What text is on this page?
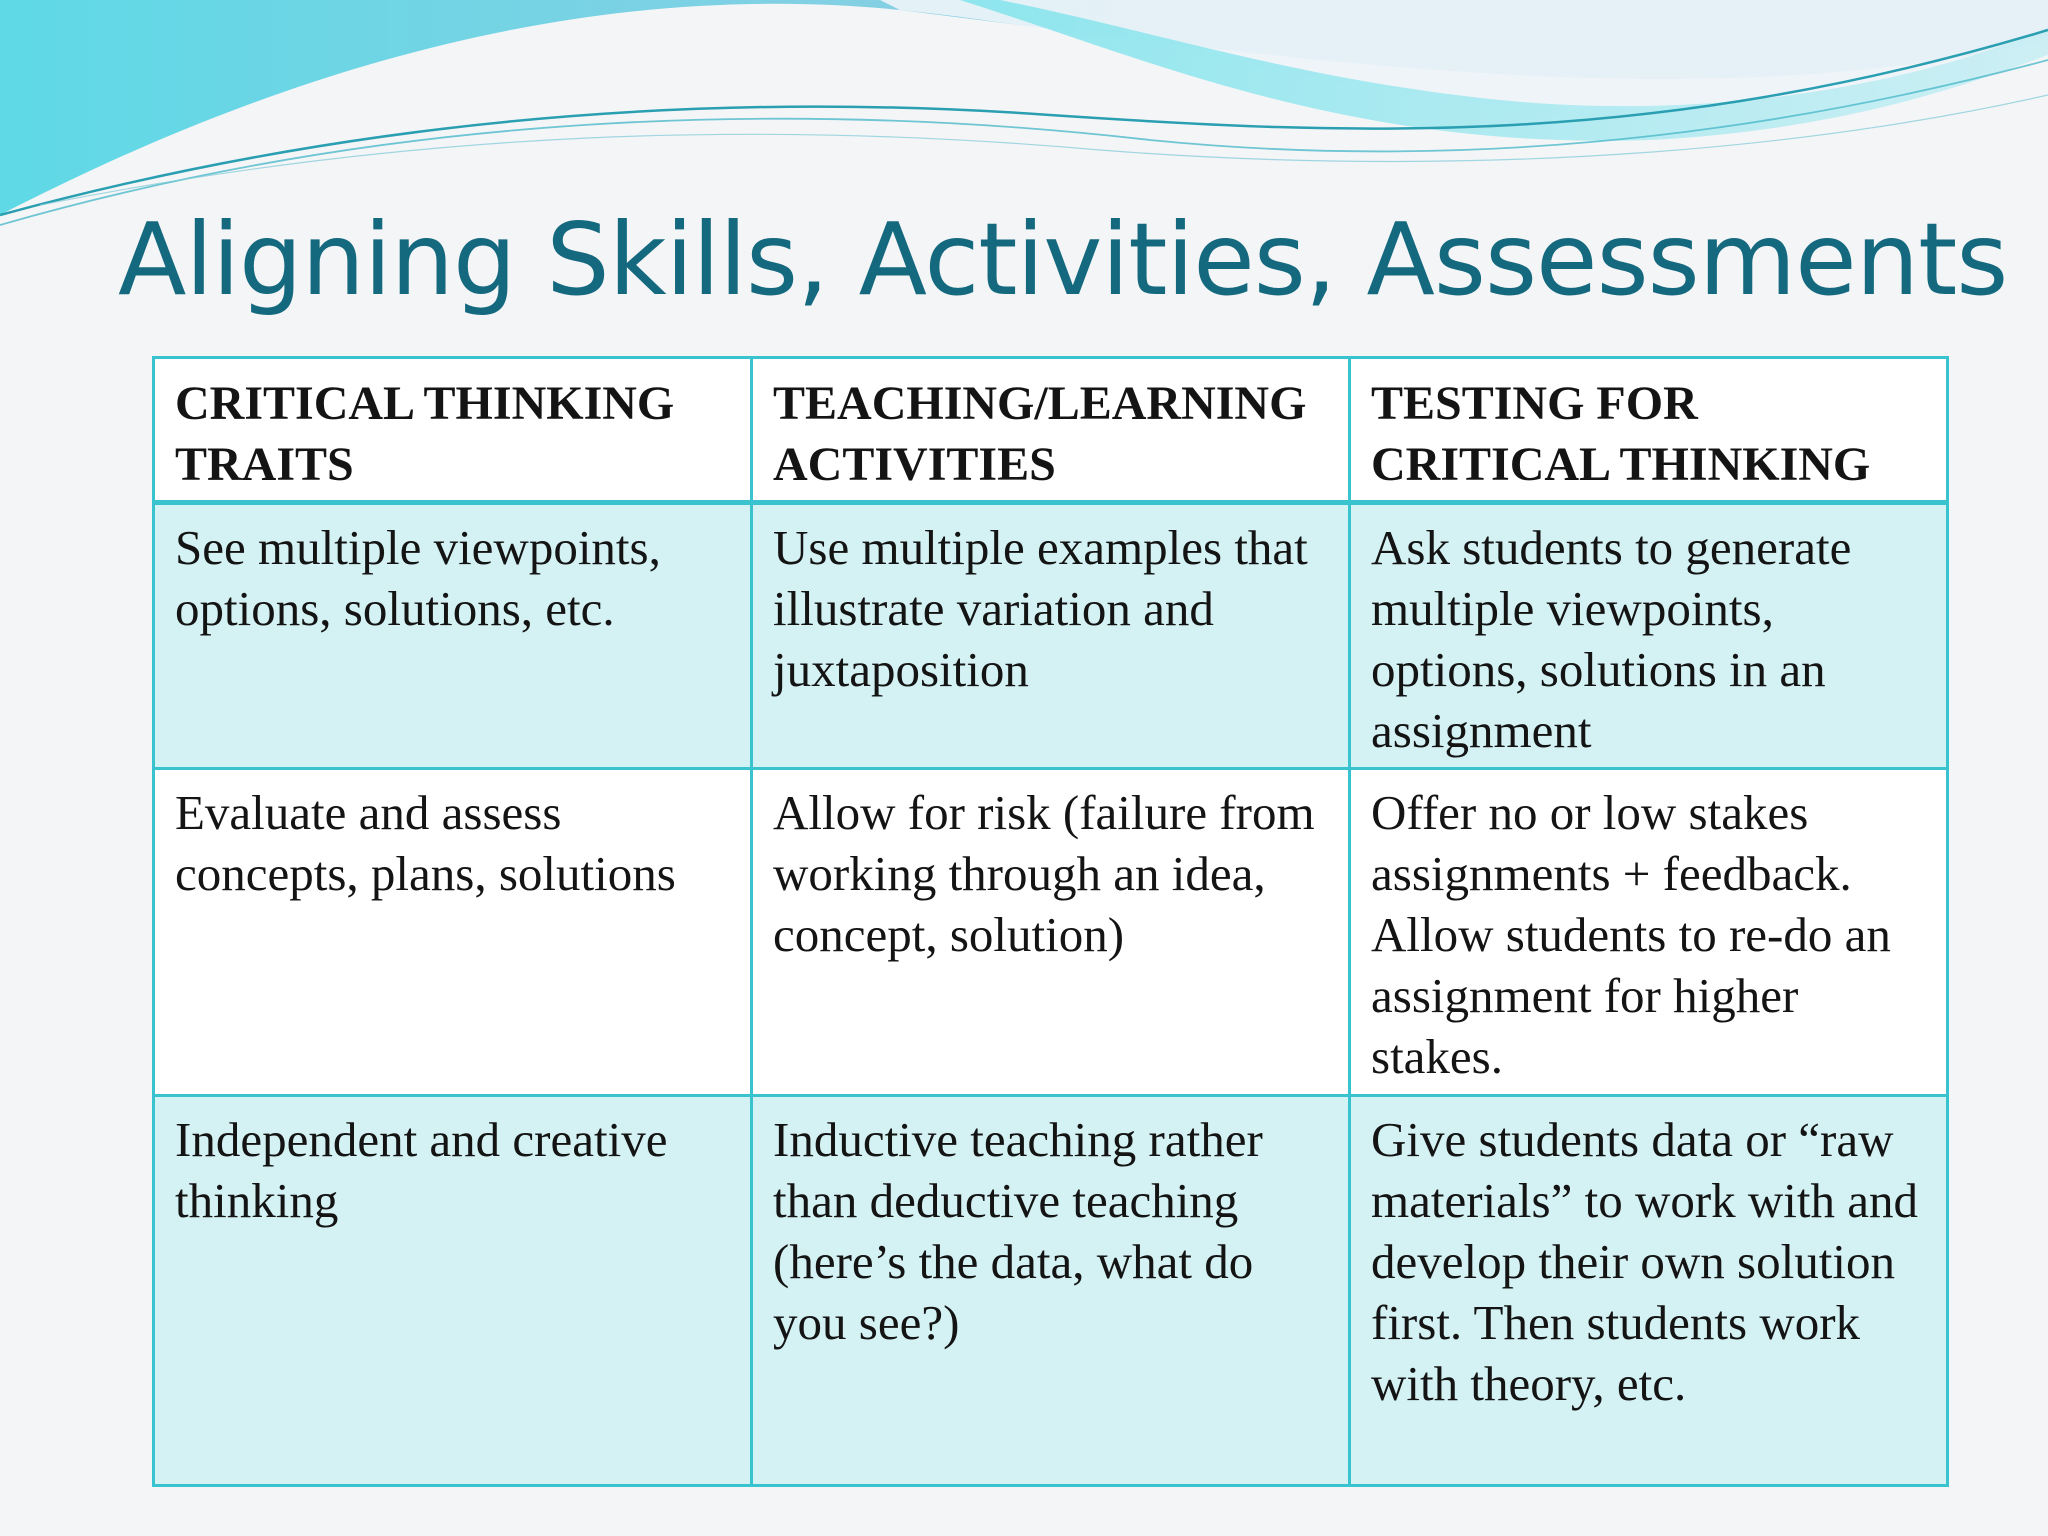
Aligning Skills, Activities, Assessments
CRITICAL THINKING TRAITS	TEACHING/LEARNING ACTIVITIES	TESTING FOR CRITICAL THINKING
See multiple viewpoints, options, solutions, etc.	Use multiple examples that illustrate variation and juxtaposition	Ask students to generate multiple viewpoints, options, solutions in an assignment
Evaluate and assess concepts, plans, solutions	Allow for risk (failure from working through an idea, concept, solution)	Offer no or low stakes assignments + feedback. Allow students to re-do an assignment for higher stakes.
Independent and creative thinking	Inductive teaching rather than deductive teaching (here’s the data, what do you see?)	Give students data or “raw materials” to work with and develop their own solution first. Then students work with theory, etc.
